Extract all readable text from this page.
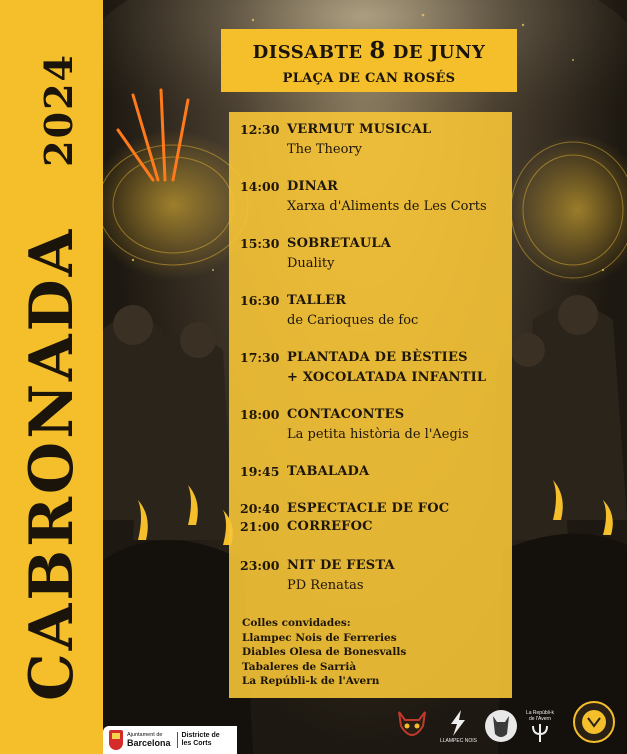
CABRONADA
2024
DISSABTE 8 DE JUNY
PLAÇA DE CAN ROSÉS
12:30 VERMUT MUSICAL
The Theory
14:00 DINAR
Xarxa d'Aliments de Les Corts
15:30 SOBRETAULA
Duality
16:30 TALLER
de Carioques de foc
17:30 PLANTADA DE BÈSTIES
+ XOCOLATADA INFANTIL
18:00 CONTACONTES
La petita història de l'Aegis
19:45 TABALADA
20:40 ESPECTACLE DE FOC
21:00 CORREFOC
23:00 NIT DE FESTA
PD Renatas
Colles convidades:
Llampec Nois de Ferreries
Diables Olesa de Bonesvalls
Tabaleres de Sarrià
La Repúbli-k de l'Avern
Ajuntament de
Barcelona
Districte de
les Corts	LLAMPEC NOIS
La Repúbli-k
de l'Avern
